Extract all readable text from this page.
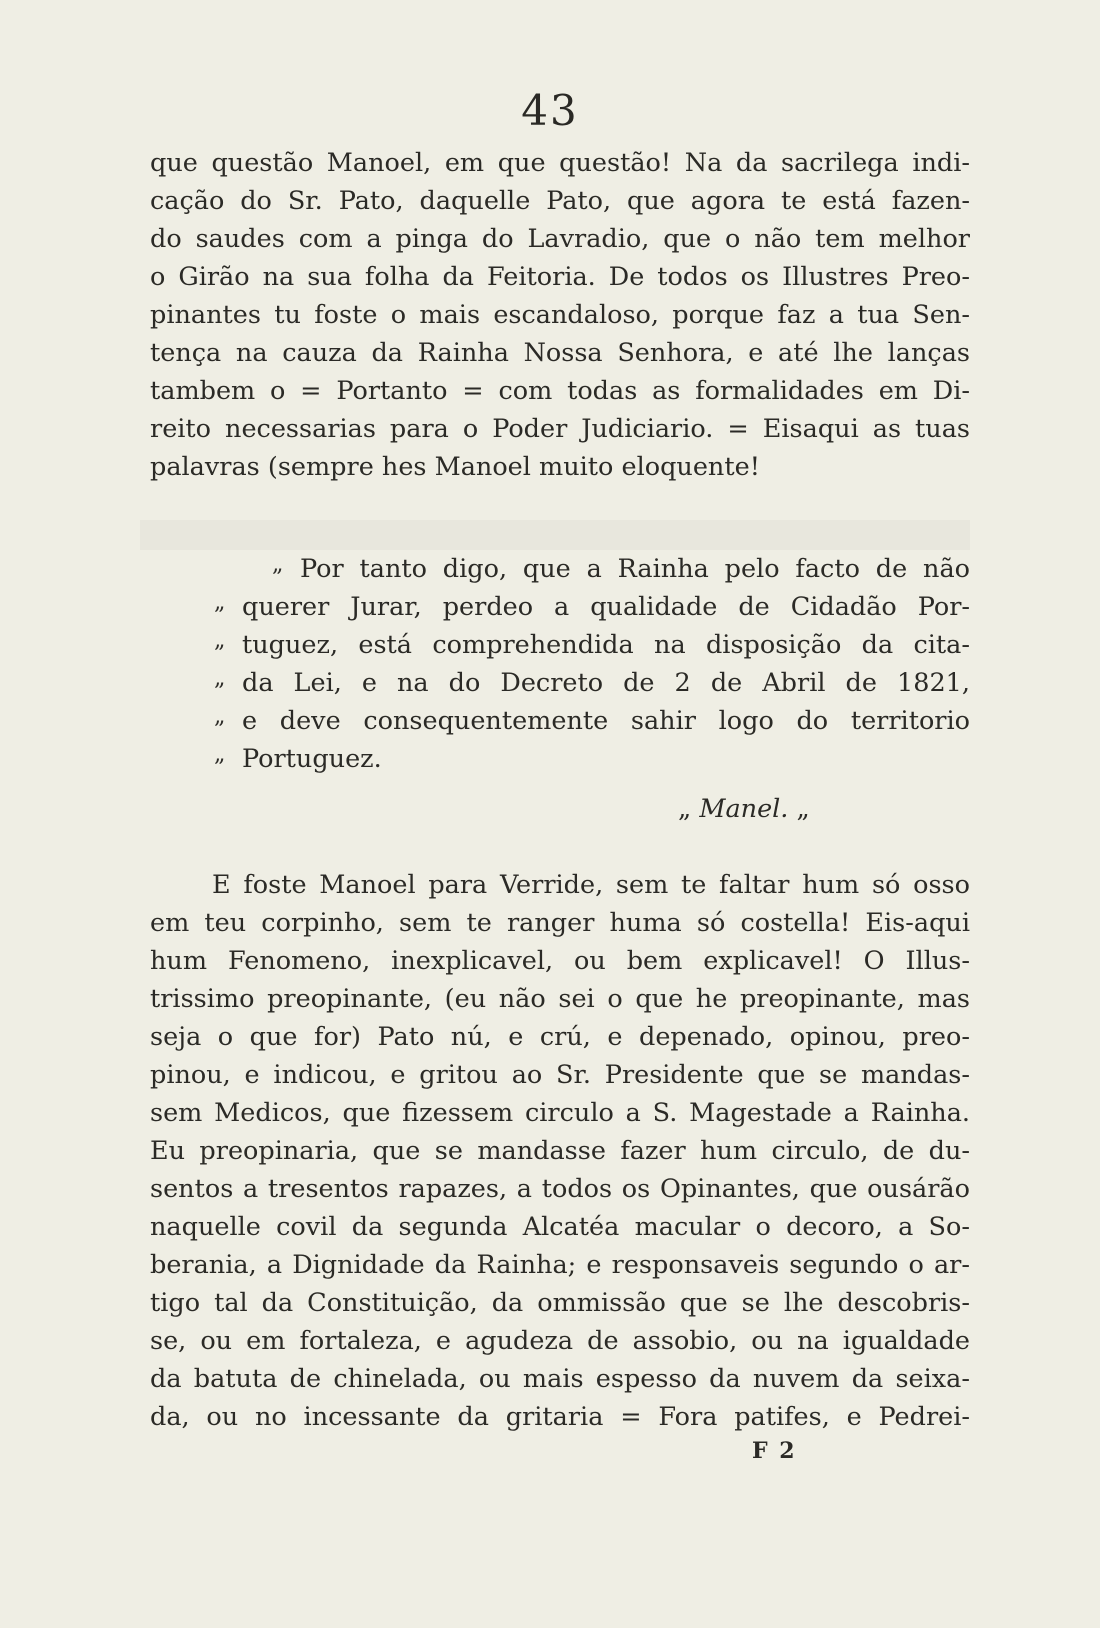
43
que questão Manoel, em que questão! Na da sacrilega indi-
cação do Sr. Pato, daquelle Pato, que agora te está fazen-
do saudes com a pinga do Lavradio, que o não tem melhor
o Girão na sua folha da Feitoria. De todos os Illustres Preo-
pinantes tu foste o mais escandaloso, porque faz a tua Sen-
tença na cauza da Rainha Nossa Senhora, e até lhe lanças
tambem o = Portanto = com todas as formalidades em Di-
reito necessarias para o Poder Judiciario. = Eisaqui as tuas
palavras (sempre hes Manoel muito eloquente!
„ Por tanto digo, que a Rainha pelo facto de não
„ querer Jurar, perdeo a qualidade de Cidadão Por-
„ tuguez, está comprehendida na disposição da cita-
„ da Lei, e na do Decreto de 2 de Abril de 1821,
„ e deve consequentemente sahir logo do territorio
„ Portuguez.
„ Manel. „
E foste Manoel para Verride, sem te faltar hum só osso
em teu corpinho, sem te ranger huma só costella! Eis-aqui
hum Fenomeno, inexplicavel, ou bem explicavel! O Illus-
trissimo preopinante, (eu não sei o que he preopinante, mas
seja o que for) Pato nú, e crú, e depenado, opinou, preo-
pinou, e indicou, e gritou ao Sr. Presidente que se mandas-
sem Medicos, que fizessem circulo a S. Magestade a Rainha.
Eu preopinaria, que se mandasse fazer hum circulo, de du-
sentos a tresentos rapazes, a todos os Opinantes, que ousárão
naquelle covil da segunda Alcatéa macular o decoro, a So-
berania, a Dignidade da Rainha; e responsaveis segundo o ar-
tigo tal da Constituição, da ommissão que se lhe descobris-
se, ou em fortaleza, e agudeza de assobio, ou na igualdade
da batuta de chinelada, ou mais espesso da nuvem da seixa-
da, ou no incessante da gritaria = Fora patifes, e Pedrei-
F 2
